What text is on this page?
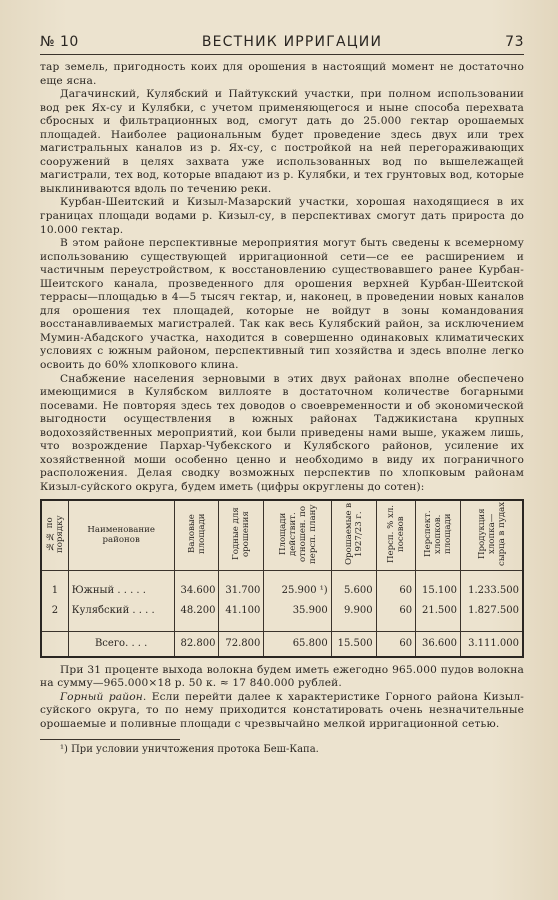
№ 10	ВЕСТНИК ИРРИГАЦИИ	73

тар земель, пригодность коих для орошения в настоящий момент не достаточно еще ясна.

Дагачинский, Кулябский и Пайтукский участки, при полном использовании вод рек Ях-су и Кулябки, с учетом применяющегося и ныне способа перехвата сбросных и фильтрационных вод, смогут дать до 25.000 гектар орошаемых площадей. Наиболее рациональным будет проведение здесь двух или трех магистральных каналов из р. Ях-су, с постройкой на ней перегораживающих сооружений в целях захвата уже использованных вод по вышележащей магистрали, тех вод, которые впадают из р. Кулябки, и тех грунтовых вод, которые выклиниваются вдоль по течению реки.

Курбан-Шеитский и Кизыл-Мазарский участки, хорошая находящиеся в их границах площади водами р. Кизыл-су, в перспективах смогут дать прироста до 10.000 гектар.

В этом районе перспективные мероприятия могут быть сведены к всемерному использованию существующей ирригационной сети—се ее расширением и частичным переустройством, к восстановлению существовавшего ранее Курбан-Шеитского канала, прозведенного для орошения верхней Курбан-Шеитской террасы—площадью в 4—5 тысяч гектар, и, наконец, в проведении новых каналов для орошения тех площадей, которые не войдут в зоны командования восстанавливаемых магистралей. Так как весь Кулябский район, за исключением Мумин-Абадского участка, находится в совершенно одинаковых климатических условиях с южным районом, перспективный тип хозяйства и здесь вполне легко освоить до 60% хлопкового клина.

Снабжение населения зерновыми в этих двух районах вполне обеспечено имеющимися в Кулябском виллояте в достаточном количестве богарными посевами. Не повторяя здесь тех доводов о своевременности и об экономической выгодности осуществления в южных районах Таджикистана крупных водохозяйственных мероприятий, кои были приведены нами выше, укажем лишь, что возрождение Пархар-Чубекского и Кулябского районов, усиление их хозяйственной моши особенно ценно и необходимо в виду их пограничного расположения. Делая сводку возможных перспектив по хлопковым районам Кизыл-суйского округа, будем иметь (цифры округлены до сотен):

№№ по порядку	Наименование районов	Валовые площади	Годные для орошения	Площади действит. отношен. по персп. плану	Орошаемые в 1927/23 г.	Персп. % хл. посевов	Перспект. хлопков. площади	Продукция хлопка—сырца в пудах

1	Южный . . . . .	34.600	31.700	25.900 ¹)	5.600	60	15.100	1.233.500
2	Кулябский . . . .	48.200	41.100	35.900	9.900	60	21.500	1.827.500

	Всего. . . .	82.800	72.800	65.800	15.500	60	36.600	3.111.000

При 31 проценте выхода волокна будем иметь ежегодно 965.000 пудов волокна на сумму—965.000×18 р. 50 к. ≈ 17 840.000 рублей.

Горный район. Если перейти далее к характеристике Горного района Кизыл-суйского округа, то по нему приходится констатировать очень незначительные орошаемые и поливные площади с чрезвычайно мелкой ирригационной сетью.

¹) При условии уничтожения протока Беш-Капа.
